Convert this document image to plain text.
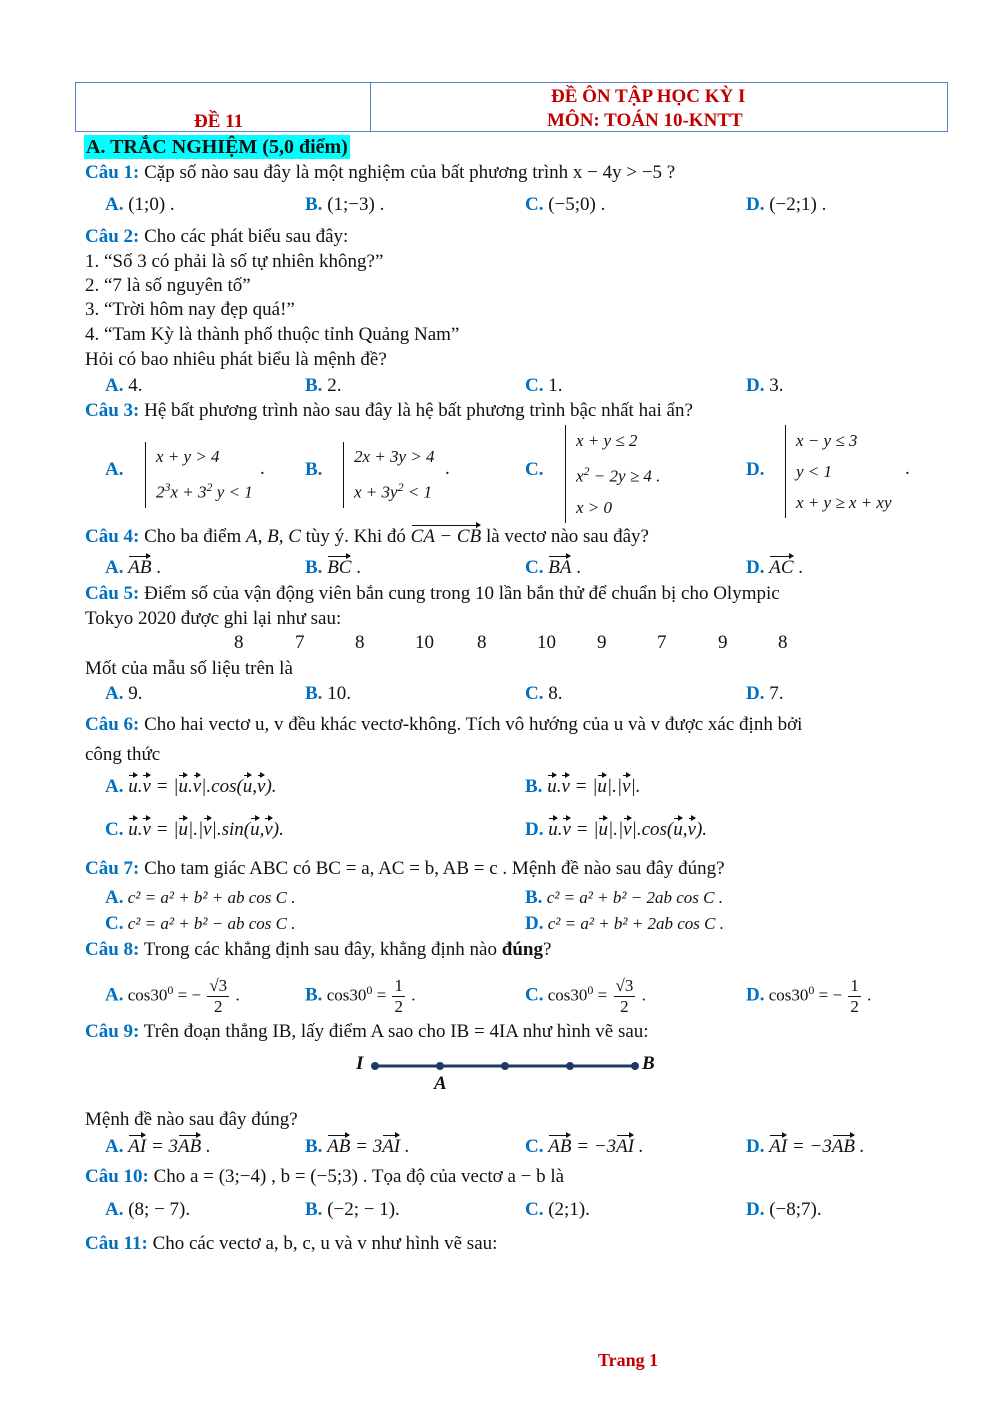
ĐỀ 11
ĐỀ ÔN TẬP HỌC KỲ I
MÔN: TOÁN 10-KNTT
A. TRẮC NGHIỆM (5,0 điểm)
Câu 1: Cặp số nào sau đây là một nghiệm của bất phương trình x − 4y > −5 ?
A. (1;0) .	B. (1;−3) .	C. (−5;0) .	D. (−2;1) .
Câu 2: Cho các phát biểu sau đây:
1. “Số 3 có phải là số tự nhiên không?”
2. “7 là số nguyên tố”
3. “Trời hôm nay đẹp quá!”
4. “Tam Kỳ là thành phố thuộc tỉnh Quảng Nam”
Hỏi có bao nhiêu phát biểu là mệnh đề?
A. 4.	B. 2.	C. 1.	D. 3.
Câu 3: Hệ bất phương trình nào sau đây là hệ bất phương trình bậc nhất hai ẩn?
A.
x + y > 4
$2^3x + 3^2$ y < 1
. B.
2x + 3y > 4
$x + 3y^2 < 1$
.	C.
x + y ≤ 2
$x^2 - 2y \ge 4$ .
x > 0
D.
x − y ≤ 3
y < 1
x + y ≥ x + xy
.
Câu 4: Cho ba điểm A, B, C tùy ý. Khi đó CA − CB là vectơ nào sau đây?
A. AB .	B. BC .	C. BA .	D. AC .
Câu 5: Điểm số của vận động viên bắn cung trong 10 lần bắn thử để chuẩn bị cho Olympic
Tokyo 2020 được ghi lại như sau:
8	7	8	10 8	10 9	7	9	8
Mốt của mẫu số liệu trên là
A. 9.	B. 10.	C. 8.	D. 7.
Câu 6: Cho hai vectơ u, v đều khác vectơ-không. Tích vô hướng của u và v được xác định bởi
công thức
A. u.v = |u.v|.cos(u,v).	B. u.v = |u|.|v|.
C. u.v = |u|.|v|.sin(u,v).	D. u.v = |u|.|v|.cos(u,v).
Câu 7: Cho tam giác ABC có BC = a, AC = b, AB = c . Mệnh đề nào sau đây đúng?
A. c² = a² + b² + ab cos C .	B. c² = a² + b² − 2ab cos C .
C. c² = a² + b² − ab cos C .	D. c² = a² + b² + 2ab cos C .
Câu 8: Trong các khẳng định sau đây, khẳng định nào đúng?
A. $\cos 30^0$ = − $\frac{√3}{2}$ .	B. $\cos 30^0 = \frac{1}{2}$ .	C. $\cos 30^0 = \frac{√3}{2}$ .	D. $\cos 30^0$ = − $\frac{1}{2}$ .
Câu 9: Trên đoạn thẳng IB, lấy điểm A sao cho IB = 4IA như hình vẽ sau:
I
A
B
Mệnh đề nào sau đây đúng?
A. AI = 3AB .	B. AB = 3AI .	C. AB = −3AI .	D. AI = −3AB .
Câu 10: Cho a = (3;−4) , b = (−5;3) . Tọa độ của vectơ a − b là
A. (8; − 7).	B. (−2; − 1).	C. (2;1).	D. (−8;7).
Câu 11: Cho các vectơ a, b, c, u và v như hình vẽ sau:
Trang 1
